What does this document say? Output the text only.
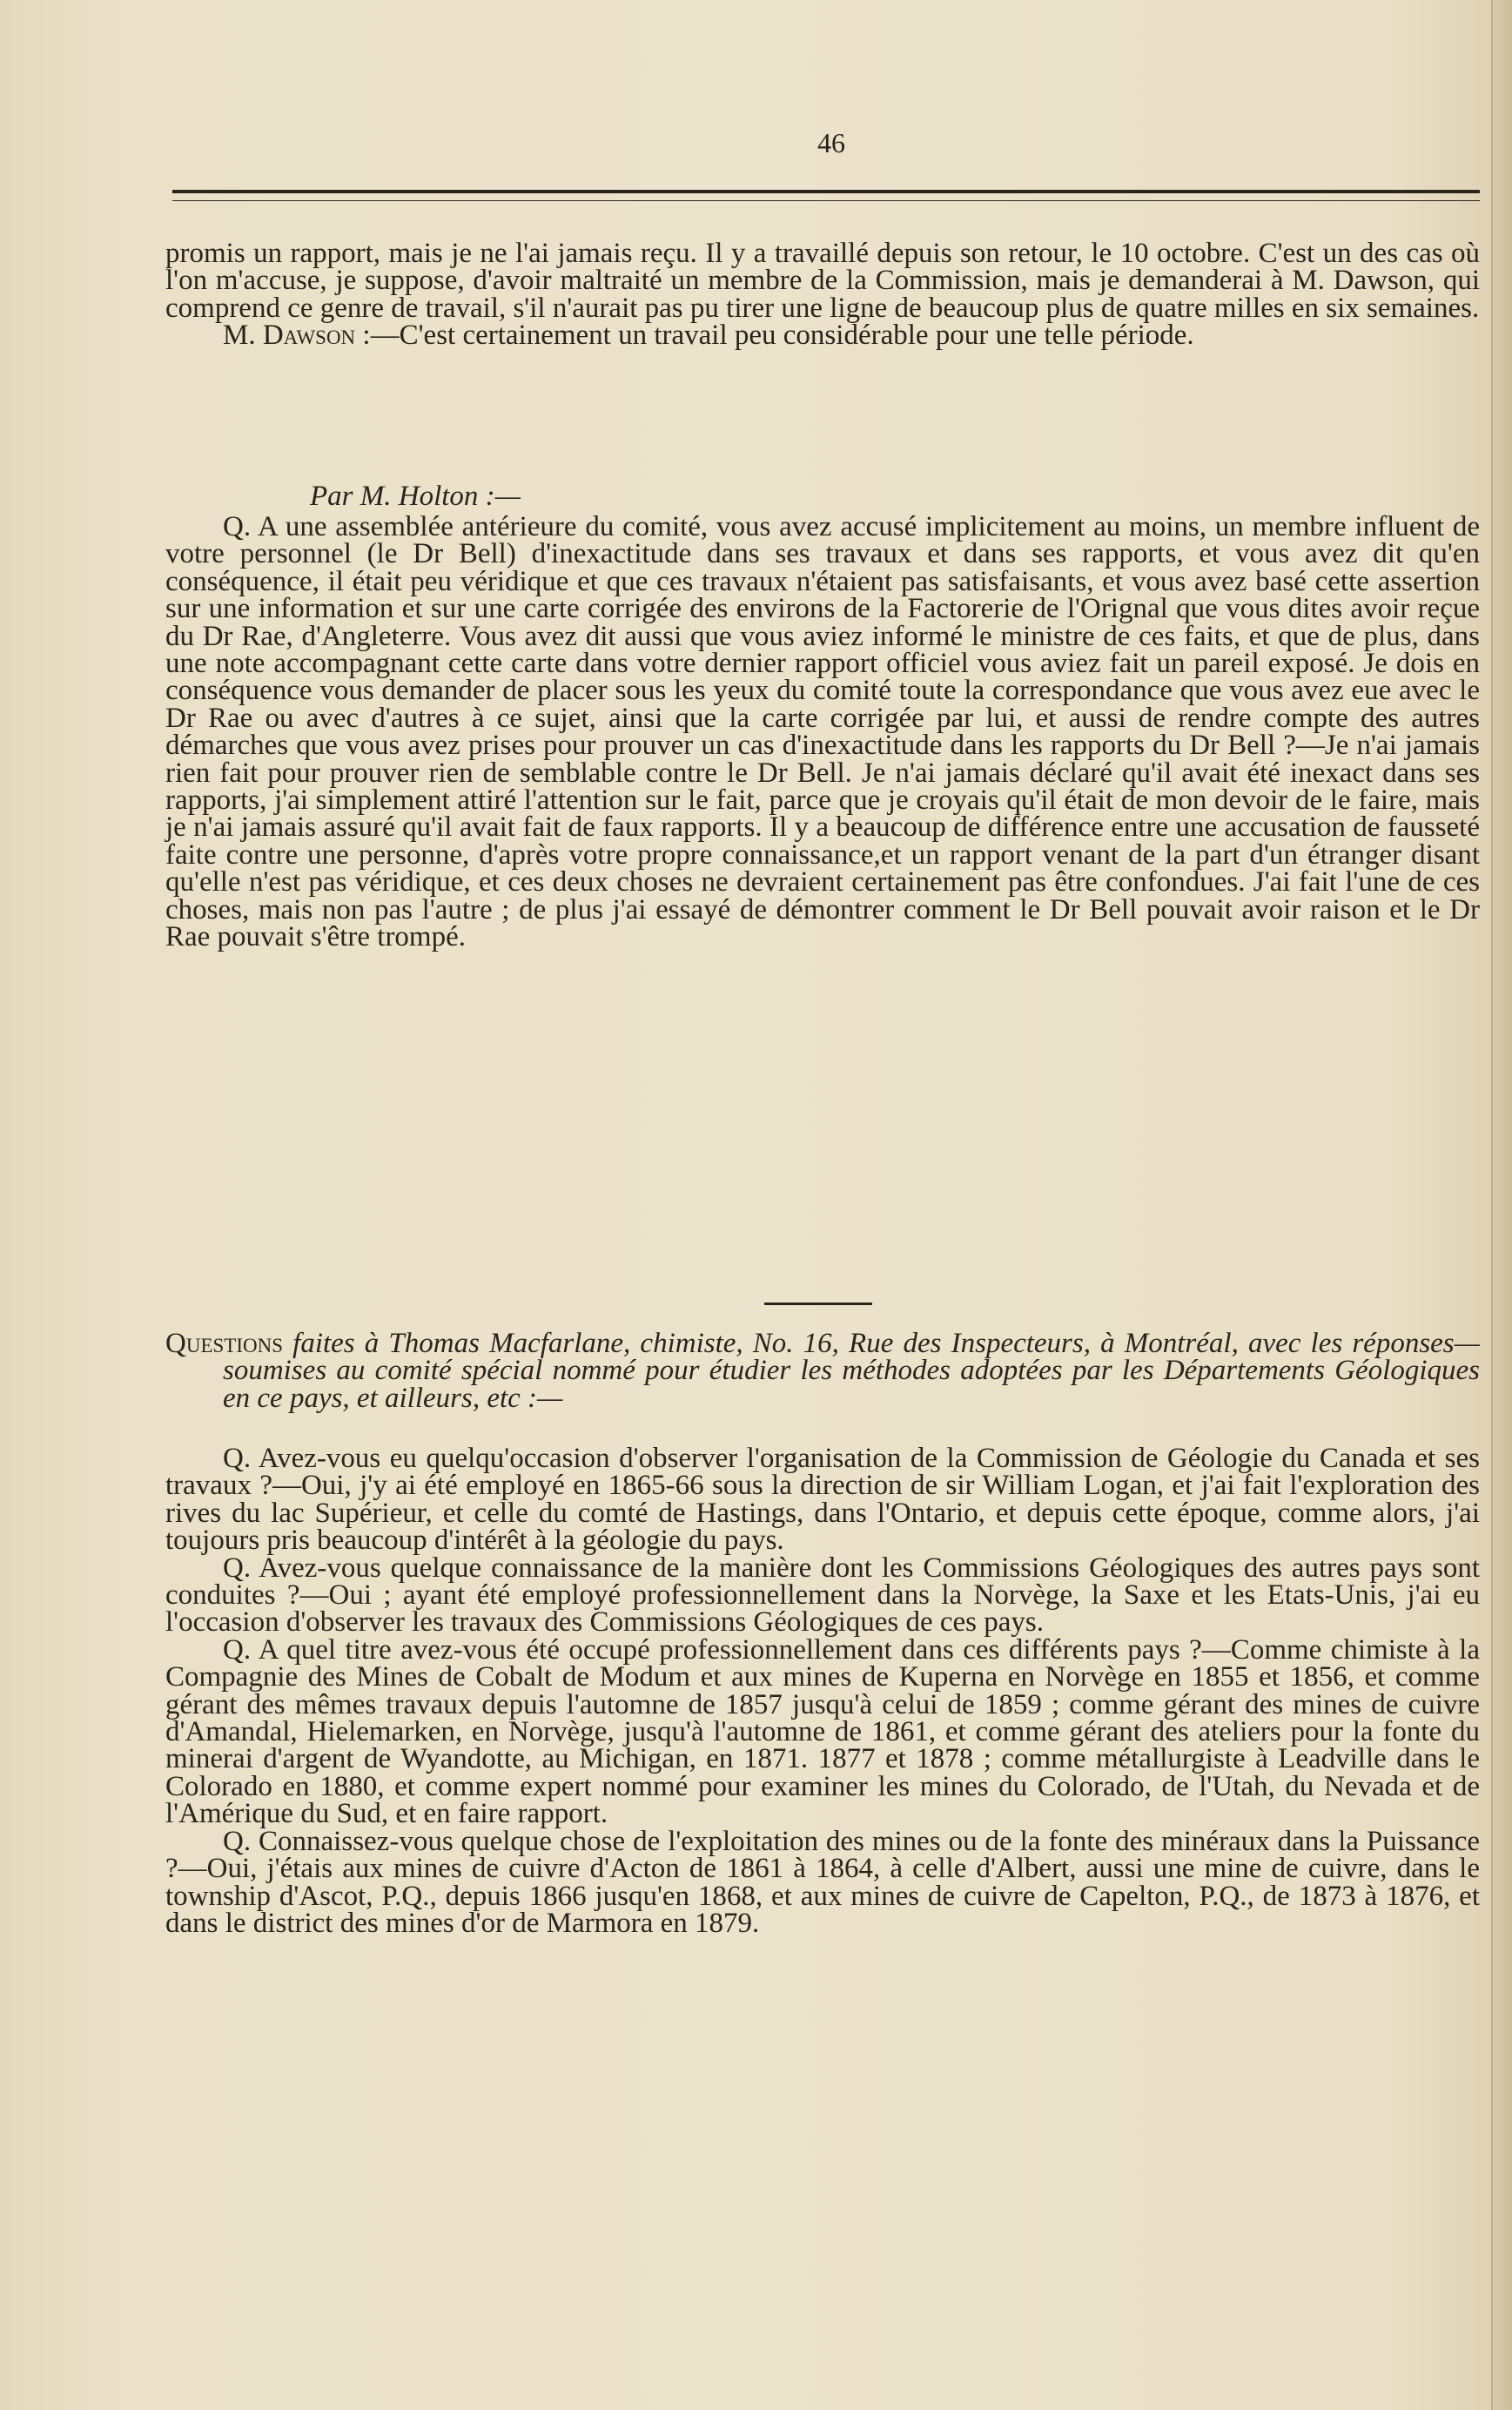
46

promis un rapport, mais je ne l'ai jamais reçu. Il y a travaillé depuis son retour, le 10 octobre. C'est un des cas où l'on m'accuse, je suppose, d'avoir maltraité un membre de la Commission, mais je demanderai à M. Dawson, qui comprend ce genre de travail, s'il n'aurait pas pu tirer une ligne de beaucoup plus de quatre milles en six semaines.

M. Dawson :—C'est certainement un travail peu considérable pour une telle période.

Par M. Holton :—

Q. A une assemblée antérieure du comité, vous avez accusé implicitement au moins, un membre influent de votre personnel (le Dr Bell) d'inexactitude dans ses travaux et dans ses rapports, et vous avez dit qu'en conséquence, il était peu véridique et que ces travaux n'étaient pas satisfaisants, et vous avez basé cette assertion sur une information et sur une carte corrigée des environs de la Factorerie de l'Orignal que vous dites avoir reçue du Dr Rae, d'Angleterre. Vous avez dit aussi que vous aviez informé le ministre de ces faits, et que de plus, dans une note accompagnant cette carte dans votre dernier rapport officiel vous aviez fait un pareil exposé. Je dois en conséquence vous demander de placer sous les yeux du comité toute la correspondance que vous avez eue avec le Dr Rae ou avec d'autres à ce sujet, ainsi que la carte corrigée par lui, et aussi de rendre compte des autres démarches que vous avez prises pour prouver un cas d'inexactitude dans les rapports du Dr Bell ?—Je n'ai jamais rien fait pour prouver rien de semblable contre le Dr Bell. Je n'ai jamais déclaré qu'il avait été inexact dans ses rapports, j'ai simplement attiré l'attention sur le fait, parce que je croyais qu'il était de mon devoir de le faire, mais je n'ai jamais assuré qu'il avait fait de faux rapports. Il y a beaucoup de différence entre une accusation de fausseté faite contre une personne, d'après votre propre connaissance,et un rapport venant de la part d'un étranger disant qu'elle n'est pas véridique, et ces deux choses ne devraient certainement pas être confondues. J'ai fait l'une de ces choses, mais non pas l'autre ; de plus j'ai essayé de démontrer comment le Dr Bell pouvait avoir raison et le Dr Rae pouvait s'être trompé.

Questions faites à Thomas Macfarlane, chimiste, No. 16, Rue des Inspecteurs, à Montréal, avec les réponses—soumises au comité spécial nommé pour étudier les méthodes adoptées par les Départements Géologiques en ce pays, et ailleurs, etc :—

Q. Avez-vous eu quelqu'occasion d'observer l'organisation de la Commission de Géologie du Canada et ses travaux ?—Oui, j'y ai été employé en 1865-66 sous la direction de sir William Logan, et j'ai fait l'exploration des rives du lac Supérieur, et celle du comté de Hastings, dans l'Ontario, et depuis cette époque, comme alors, j'ai toujours pris beaucoup d'intérêt à la géologie du pays.

Q. Avez-vous quelque connaissance de la manière dont les Commissions Géologiques des autres pays sont conduites ?—Oui ; ayant été employé professionnellement dans la Norvège, la Saxe et les Etats-Unis, j'ai eu l'occasion d'observer les travaux des Commissions Géologiques de ces pays.

Q. A quel titre avez-vous été occupé professionnellement dans ces différents pays ?—Comme chimiste à la Compagnie des Mines de Cobalt de Modum et aux mines de Kuperna en Norvège en 1855 et 1856, et comme gérant des mêmes travaux depuis l'automne de 1857 jusqu'à celui de 1859 ; comme gérant des mines de cuivre d'Amandal, Hielemarken, en Norvège, jusqu'à l'automne de 1861, et comme gérant des ateliers pour la fonte du minerai d'argent de Wyandotte, au Michigan, en 1871. 1877 et 1878 ; comme métallurgiste à Leadville dans le Colorado en 1880, et comme expert nommé pour examiner les mines du Colorado, de l'Utah, du Nevada et de l'Amérique du Sud, et en faire rapport.

Q. Connaissez-vous quelque chose de l'exploitation des mines ou de la fonte des minéraux dans la Puissance ?—Oui, j'étais aux mines de cuivre d'Acton de 1861 à 1864, à celle d'Albert, aussi une mine de cuivre, dans le township d'Ascot, P.Q., depuis 1866 jusqu'en 1868, et aux mines de cuivre de Capelton, P.Q., de 1873 à 1876, et dans le district des mines d'or de Marmora en 1879.
